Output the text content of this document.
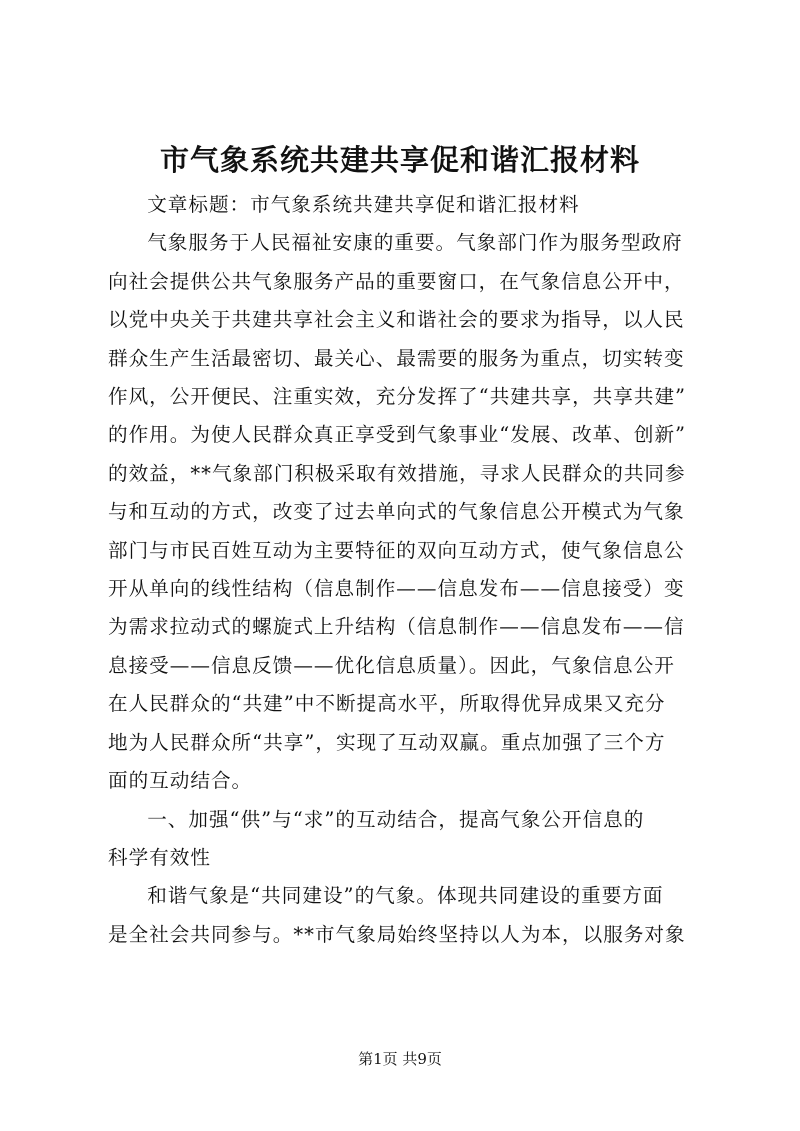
市气象系统共建共享促和谐汇报材料
文章标题：市气象系统共建共享促和谐汇报材料
气象服务于人民福祉安康的重要。气象部门作为服务型政府
向社会提供公共气象服务产品的重要窗口，在气象信息公开中，
以党中央关于共建共享社会主义和谐社会的要求为指导，以人民
群众生产生活最密切、最关心、最需要的服务为重点，切实转变
作风，公开便民、注重实效，充分发挥了“共建共享，共享共建”
的作用。为使人民群众真正享受到气象事业“发展、改革、创新”
的效益，**气象部门积极采取有效措施，寻求人民群众的共同参
与和互动的方式，改变了过去单向式的气象信息公开模式为气象
部门与市民百姓互动为主要特征的双向互动方式，使气象信息公
开从单向的线性结构（信息制作——信息发布——信息接受）变
为需求拉动式的螺旋式上升结构（信息制作——信息发布——信
息接受——信息反馈——优化信息质量）。因此，气象信息公开
在人民群众的“共建”中不断提高水平，所取得优异成果又充分
地为人民群众所“共享”，实现了互动双赢。重点加强了三个方
面的互动结合。
一、加强“供”与“求”的互动结合，提高气象公开信息的
科学有效性
和谐气象是“共同建设”的气象。体现共同建设的重要方面
是全社会共同参与。**市气象局始终坚持以人为本，以服务对象
第1页 共9页
